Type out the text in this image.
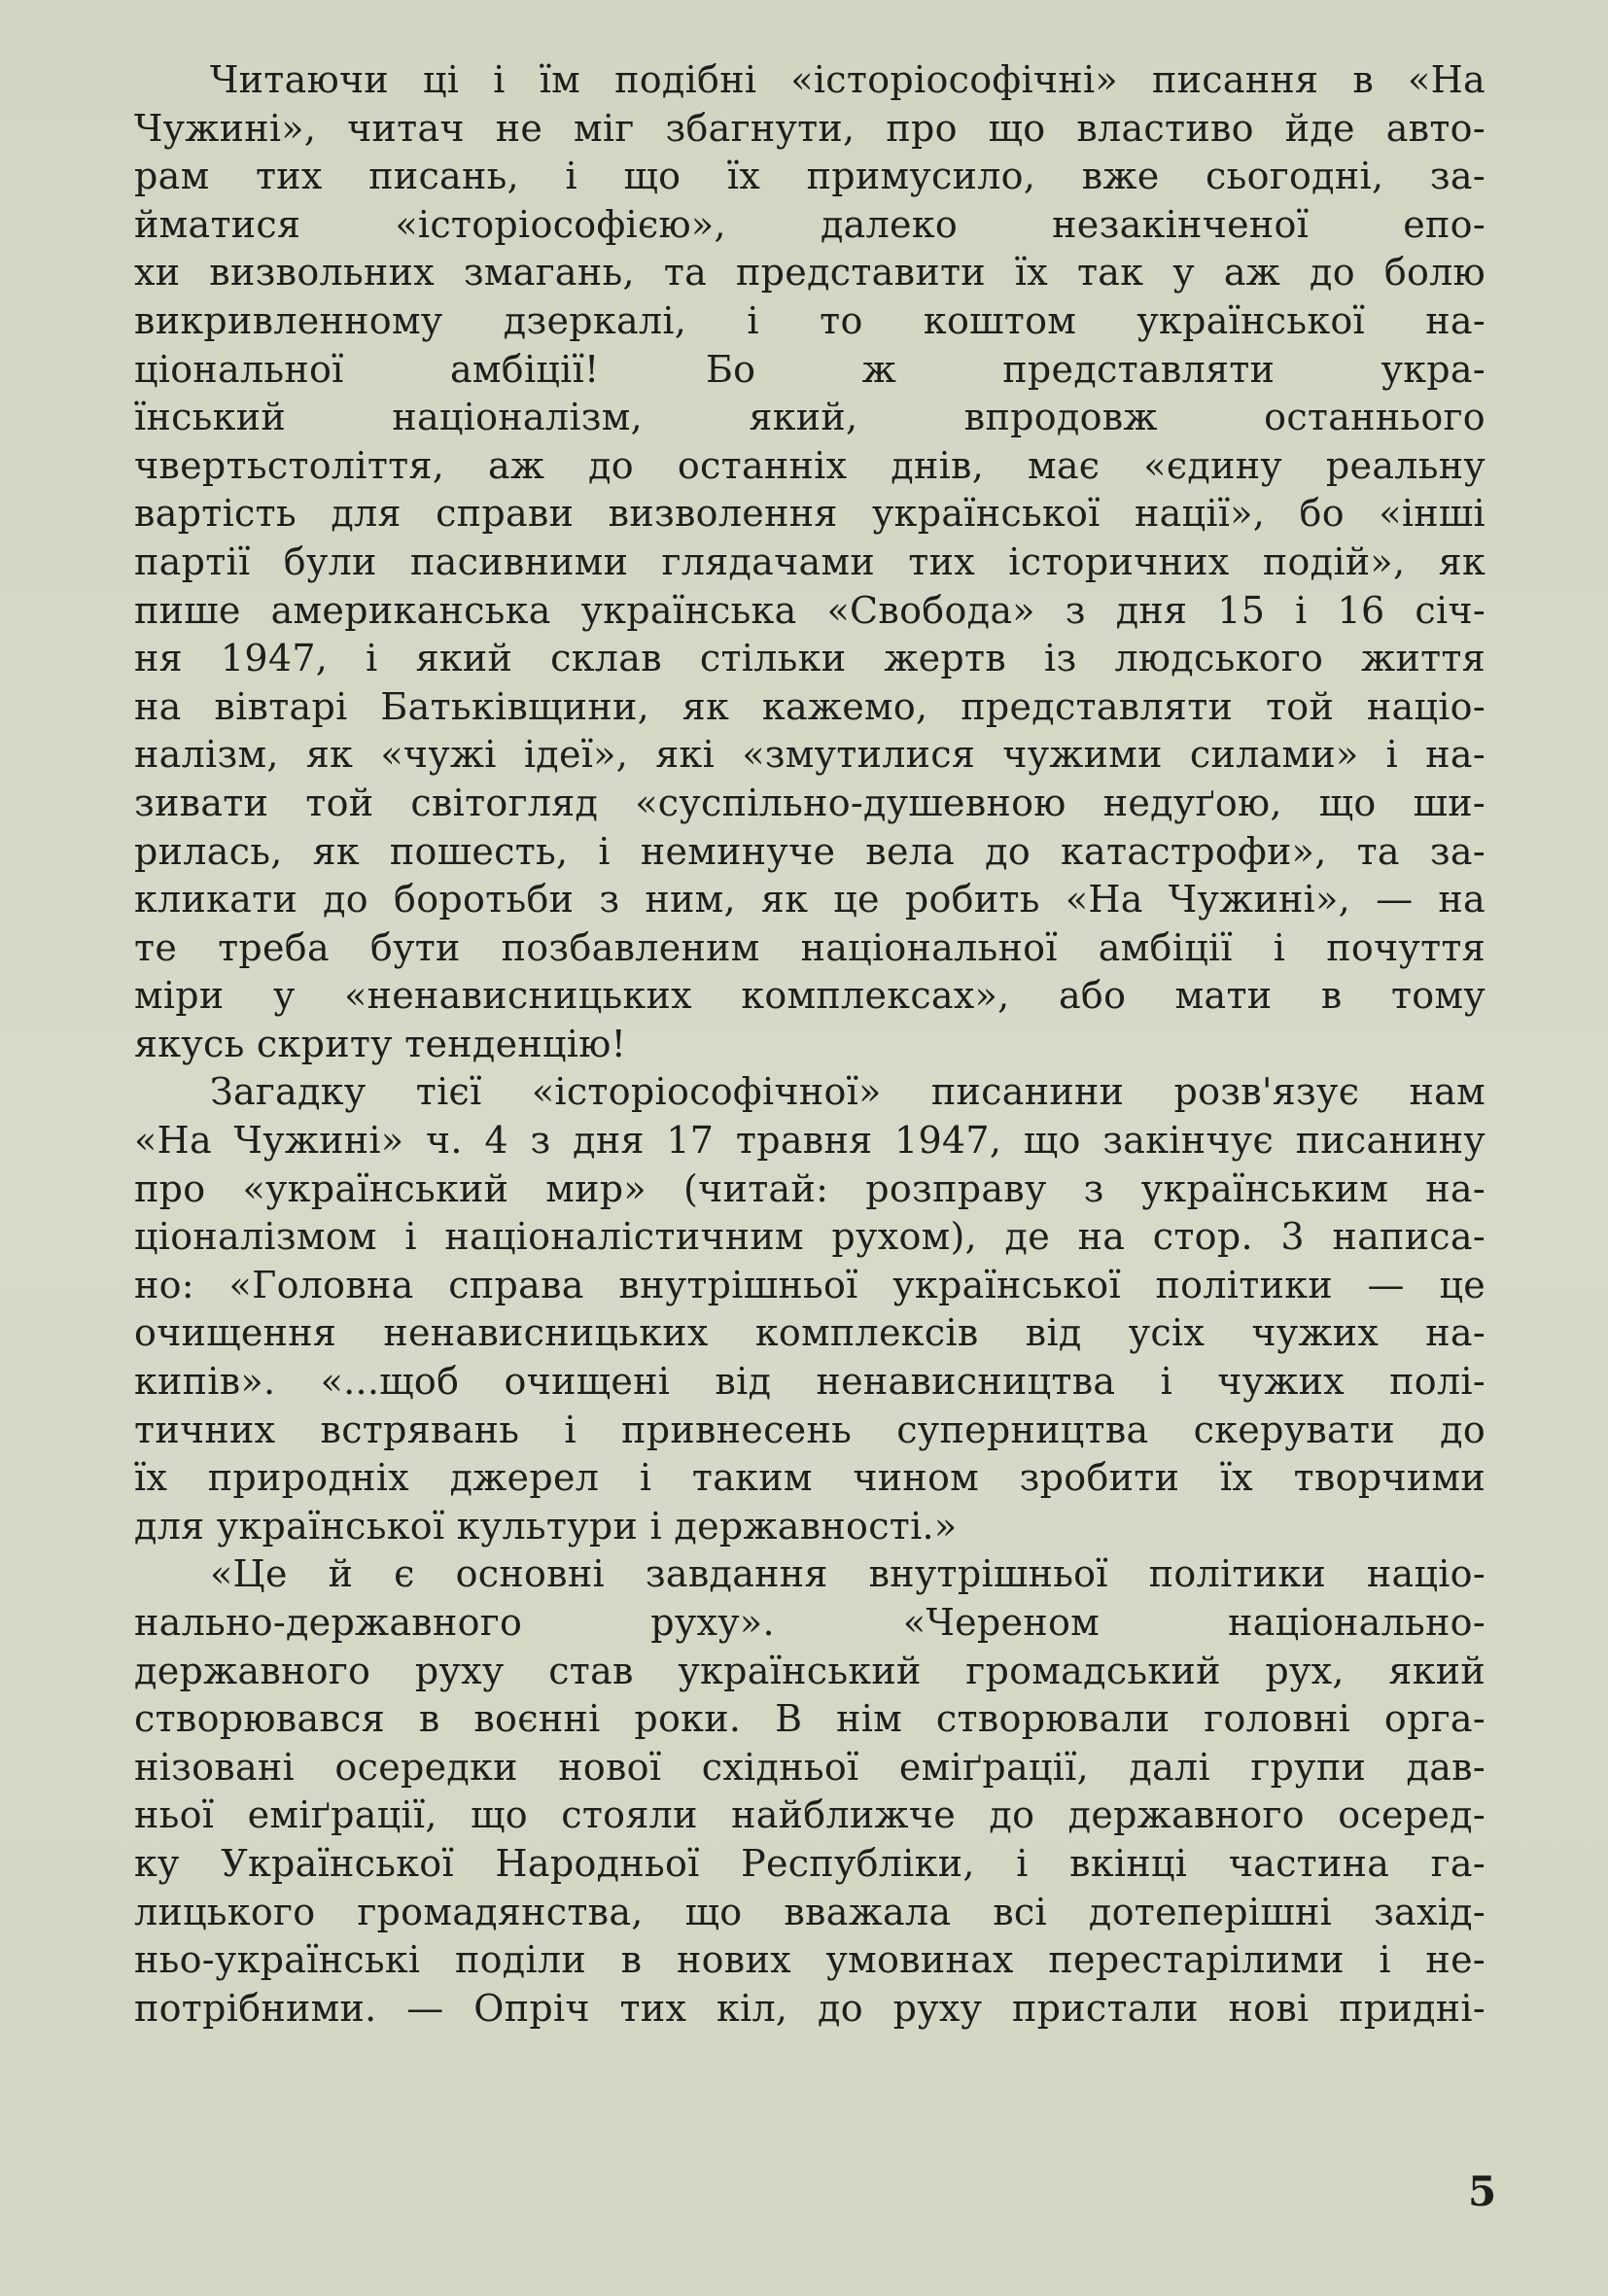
Читаючи ці і їм подібні «історіософічні» писання в «На
Чужині», читач не міг збагнути, про що властиво йде авто-
рам тих писань, і що їх примусило, вже сьогодні, за-
йматися «історіософією», далеко незакінченої епо-
хи визвольних змагань, та представити їх так у аж до болю
викривленному дзеркалі, і то коштом української на-
ціональної амбіції! Бо ж представляти укра-
їнський націоналізм, який, впродовж останнього
чвертьстоліття, аж до останніх днів, має «єдину реальну
вартість для справи визволення української нації», бо «інші
партії були пасивними глядачами тих історичних подій», як
пише американська українська «Свобода» з дня 15 і 16 січ-
ня 1947, і який склав стільки жертв із людського життя
на вівтарі Батьківщини, як кажемо, представляти той націо-
налізм, як «чужі ідеї», які «змутилися чужими силами» і на-
зивати той світогляд «суспільно-душевною недуґою, що ши-
рилась, як пошесть, і неминуче вела до катастрофи», та за-
кликати до боротьби з ним, як це робить «На Чужині», — на
те треба бути позбавленим національної амбіції і почуття
міри у «ненависницьких комплексах», або мати в тому
якусь скриту тенденцію!
Загадку тієї «історіософічної» писанини розв'язує нам
«На Чужині» ч. 4 з дня 17 травня 1947, що закінчує писанину
про «український мир» (читай: розправу з українським на-
ціоналізмом і націоналістичним рухом), де на стор. 3 написа-
но: «Головна справа внутрішньої української політики — це
очищення ненависницьких комплексів від усіх чужих на-
кипів». «...щоб очищені від ненависництва і чужих полі-
тичних встрявань і привнесень суперництва скерувати до
їх природніх джерел і таким чином зробити їх творчими
для української культури і державності.»
«Це й є основні завдання внутрішньої політики націо-
нально-державного руху». «Череном національно-
державного руху став український громадський рух, який
створювався в воєнні роки. В нім створювали головні орга-
нізовані осередки нової східньої еміґрації, далі групи дав-
ньої еміґрації, що стояли найближче до державного осеред-
ку Української Народньої Республіки, і вкінці частина га-
лицького громадянства, що вважала всі дотеперішні захід-
ньо-українські поділи в нових умовинах перестарілими і не-
потрібними. — Опріч тих кіл, до руху пристали нові придні-
5
